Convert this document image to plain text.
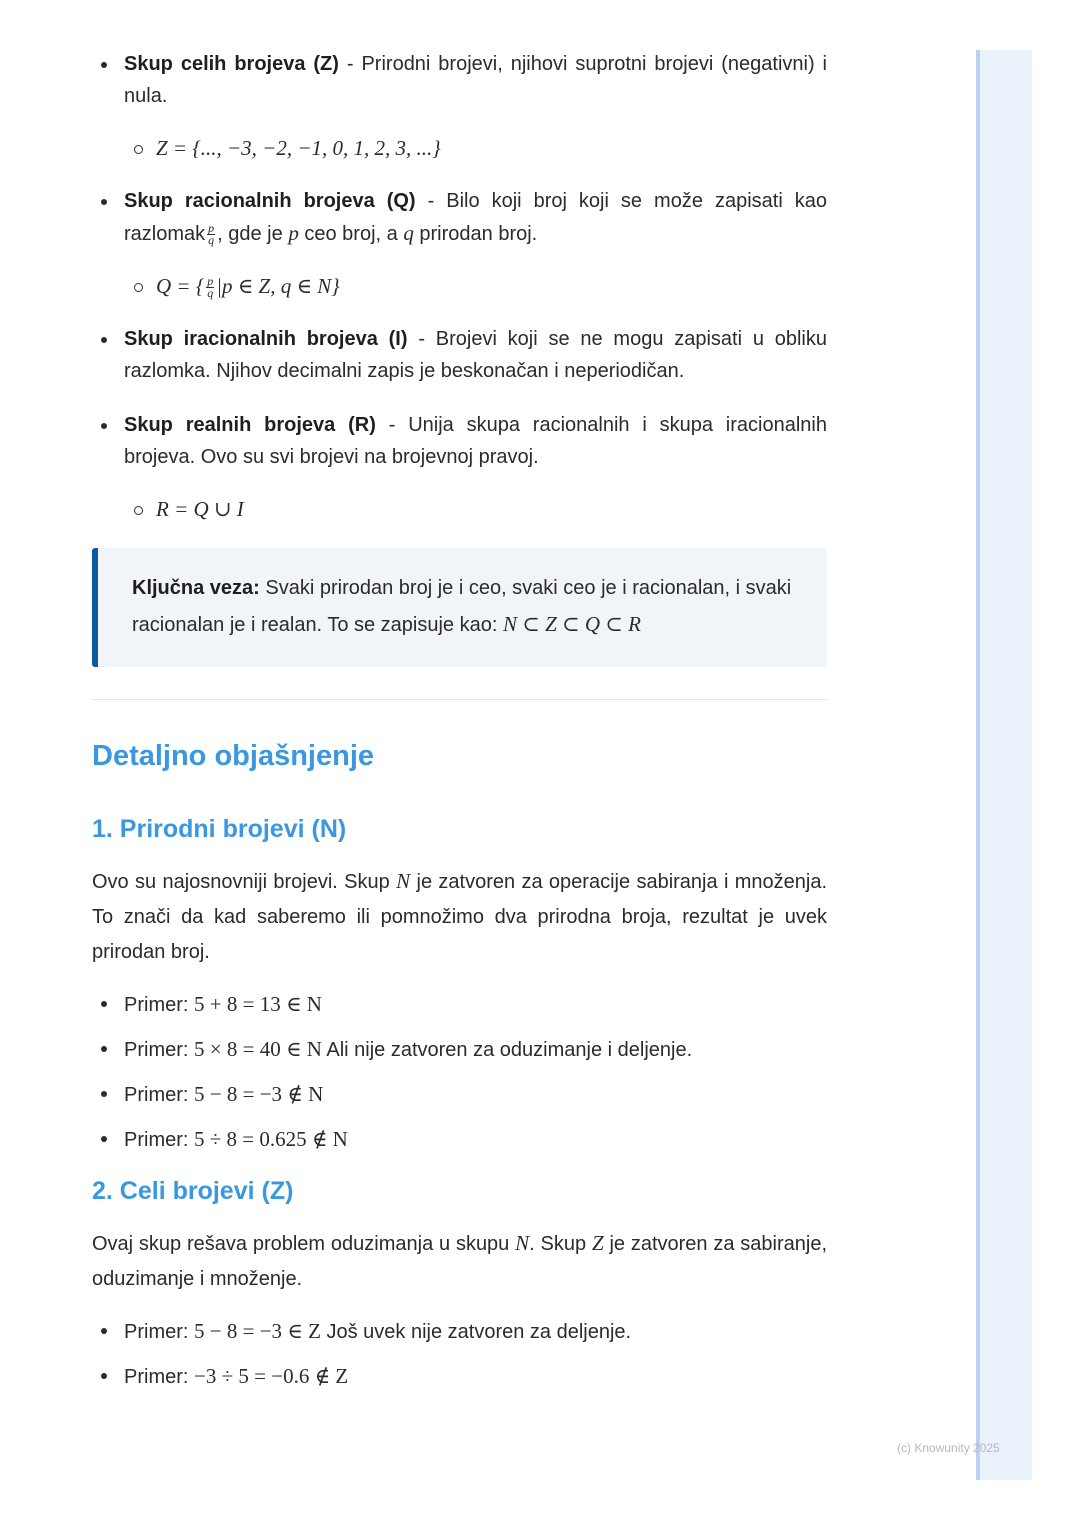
Skup celih brojeva (Z) - Prirodni brojevi, njihovi suprotni brojevi (negativni) i nula.
Z = {..., −3, −2, −1, 0, 1, 2, 3, ...}
Skup racionalnih brojeva (Q) - Bilo koji broj koji se može zapisati kao razlomak $\frac{p}{q}$ , gde je p ceo broj, a q prirodan broj.
Q = { $\frac{p}{q} |p$ ∈ Z, q ∈ N}
Skup iracionalnih brojeva (I) - Brojevi koji se ne mogu zapisati u obliku razlomka. Njihov decimalni zapis je beskonačan i neperiodičan.
Skup realnih brojeva (R) - Unija skupa racionalnih i skupa iracionalnih brojeva. Ovo su svi brojevi na brojevnoj pravoj.
R = Q ∪ I
Ključna veza: Svaki prirodan broj je i ceo, svaki ceo je i racionalan, i svaki racionalan je i realan. To se zapisuje kao: N ⊂ Z ⊂ Q ⊂ R
Detaljno objašnjenje
1. Prirodni brojevi (N)

Ovo su najosnovniji brojevi. Skup N je zatvoren za operacije sabiranja i množenja. To znači da kad saberemo ili pomnožimo dva prirodna broja, rezultat je uvek prirodan broj.

Primer: 5 + 8 = 13 ∈ N
Primer: 5 × 8 = 40 ∈ N Ali nije zatvoren za oduzimanje i deljenje.
Primer: 5 − 8 = −3 ∉ N
Primer: 5 ÷ 8 = 0.625 ∉ N
2. Celi brojevi (Z)

Ovaj skup rešava problem oduzimanja u skupu N. Skup Z je zatvoren za sabiranje, oduzimanje i množenje.

Primer: 5 − 8 = −3 ∈ Z Još uvek nije zatvoren za deljenje.
Primer: −3 ÷ 5 = −0.6 ∉ Z
(c) Knowunity 2025
